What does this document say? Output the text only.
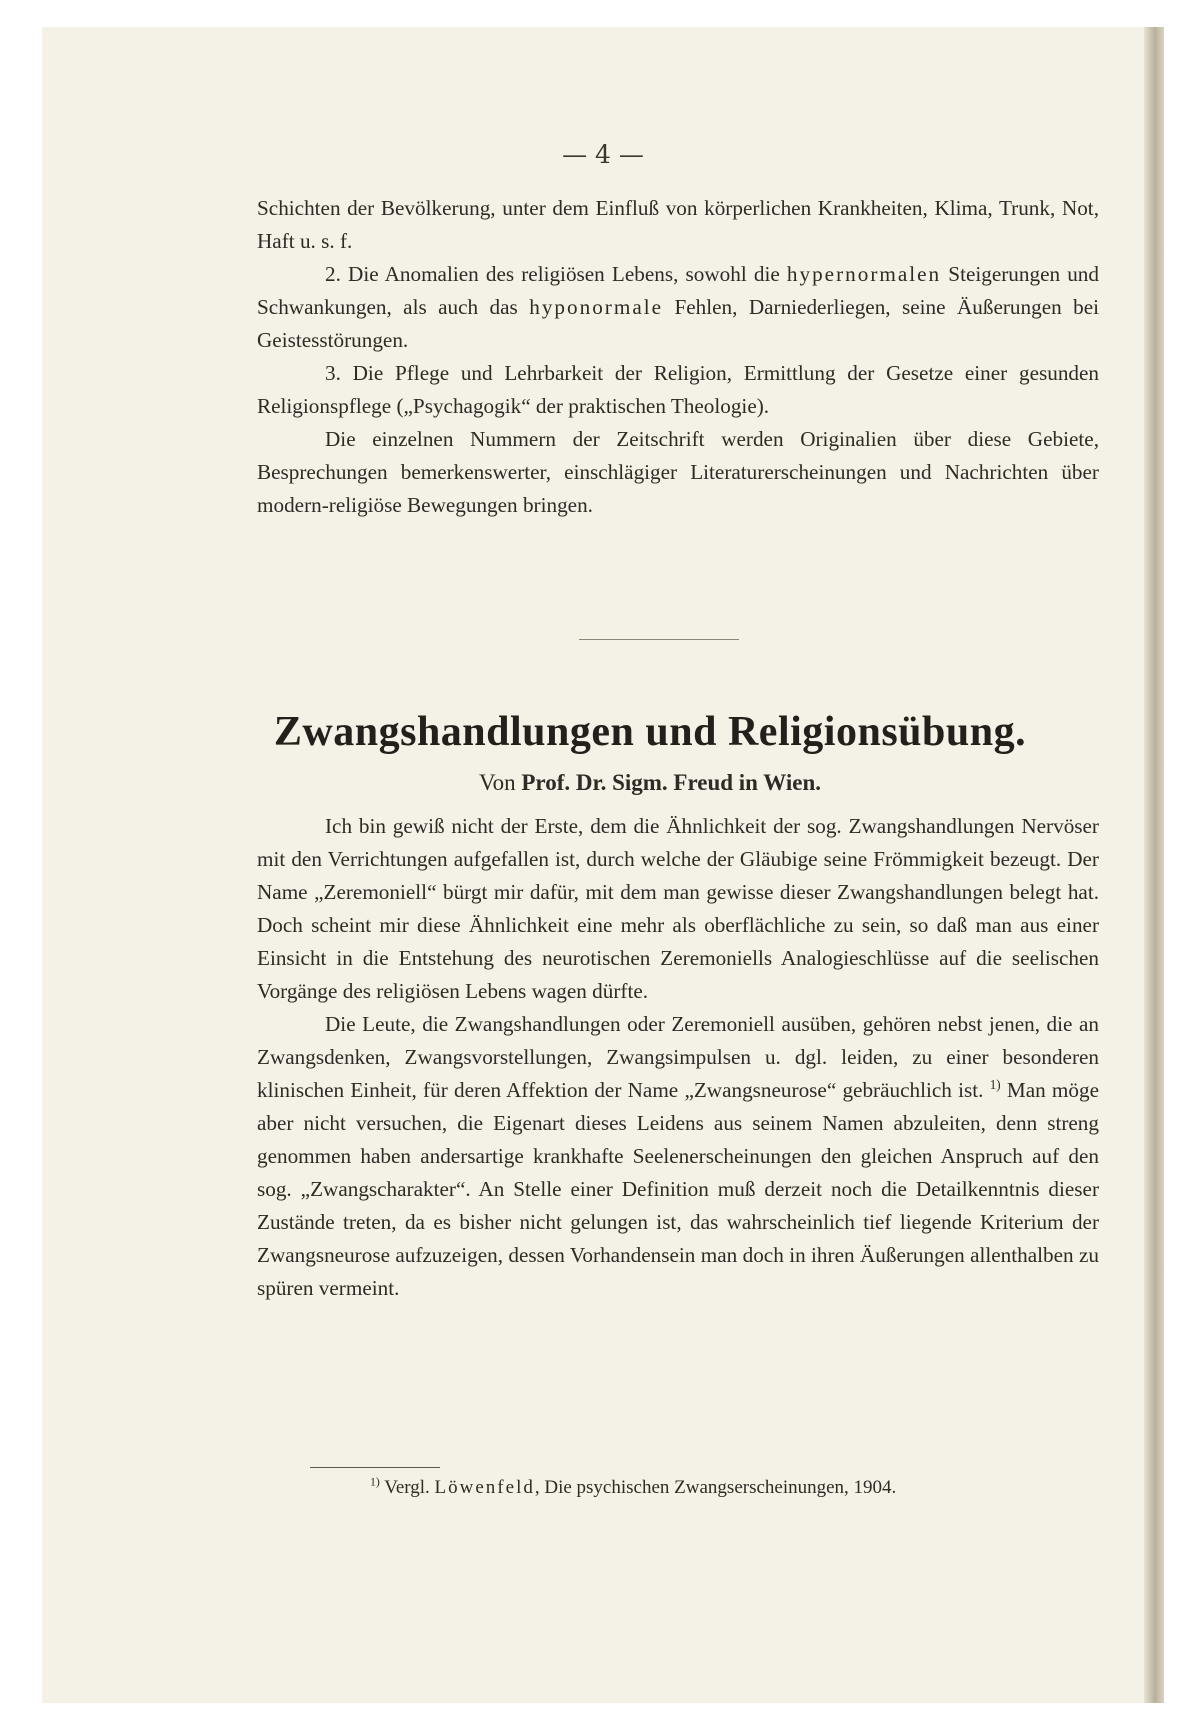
— 4 —

Schichten der Bevölkerung, unter dem Einfluß von körperlichen Krankheiten, Klima, Trunk, Not, Haft u. s. f.

2. Die Anomalien des religiösen Lebens, sowohl die hypernormalen Steigerungen und Schwankungen, als auch das hyponormale Fehlen, Darniederliegen, seine Äußerungen bei Geistesstörungen.

3. Die Pflege und Lehrbarkeit der Religion, Ermittlung der Gesetze einer gesunden Religionspflege („Psychagogik“ der praktischen Theologie).

Die einzelnen Nummern der Zeitschrift werden Originalien über diese Gebiete, Besprechungen bemerkenswerter, einschlägiger Literaturerscheinungen und Nachrichten über modern-religiöse Bewegungen bringen.

Zwangshandlungen und Religionsübung.
Von Prof. Dr. Sigm. Freud in Wien.

Ich bin gewiß nicht der Erste, dem die Ähnlichkeit der sog. Zwangshandlungen Nervöser mit den Verrichtungen aufgefallen ist, durch welche der Gläubige seine Frömmigkeit bezeugt. Der Name „Zeremoniell“ bürgt mir dafür, mit dem man gewisse dieser Zwangshandlungen belegt hat. Doch scheint mir diese Ähnlichkeit eine mehr als oberflächliche zu sein, so daß man aus einer Einsicht in die Entstehung des neurotischen Zeremoniells Analogieschlüsse auf die seelischen Vorgänge des religiösen Lebens wagen dürfte.

Die Leute, die Zwangshandlungen oder Zeremoniell ausüben, gehören nebst jenen, die an Zwangsdenken, Zwangsvorstellungen, Zwangsimpulsen u. dgl. leiden, zu einer besonderen klinischen Einheit, für deren Affektion der Name „Zwangsneurose“ gebräuchlich ist. $^{1)}$ Man möge aber nicht versuchen, die Eigenart dieses Leidens aus seinem Namen abzuleiten, denn streng genommen haben andersartige krankhafte Seelenerscheinungen den gleichen Anspruch auf den sog. „Zwangscharakter“. An Stelle einer Definition muß derzeit noch die Detailkenntnis dieser Zustände treten, da es bisher nicht gelungen ist, das wahrscheinlich tief liegende Kriterium der Zwangsneurose aufzuzeigen, dessen Vorhandensein man doch in ihren Äußerungen allenthalben zu spüren vermeint.

$^{1)}$ Vergl. Löwenfeld, Die psychischen Zwangserscheinungen, 1904.
